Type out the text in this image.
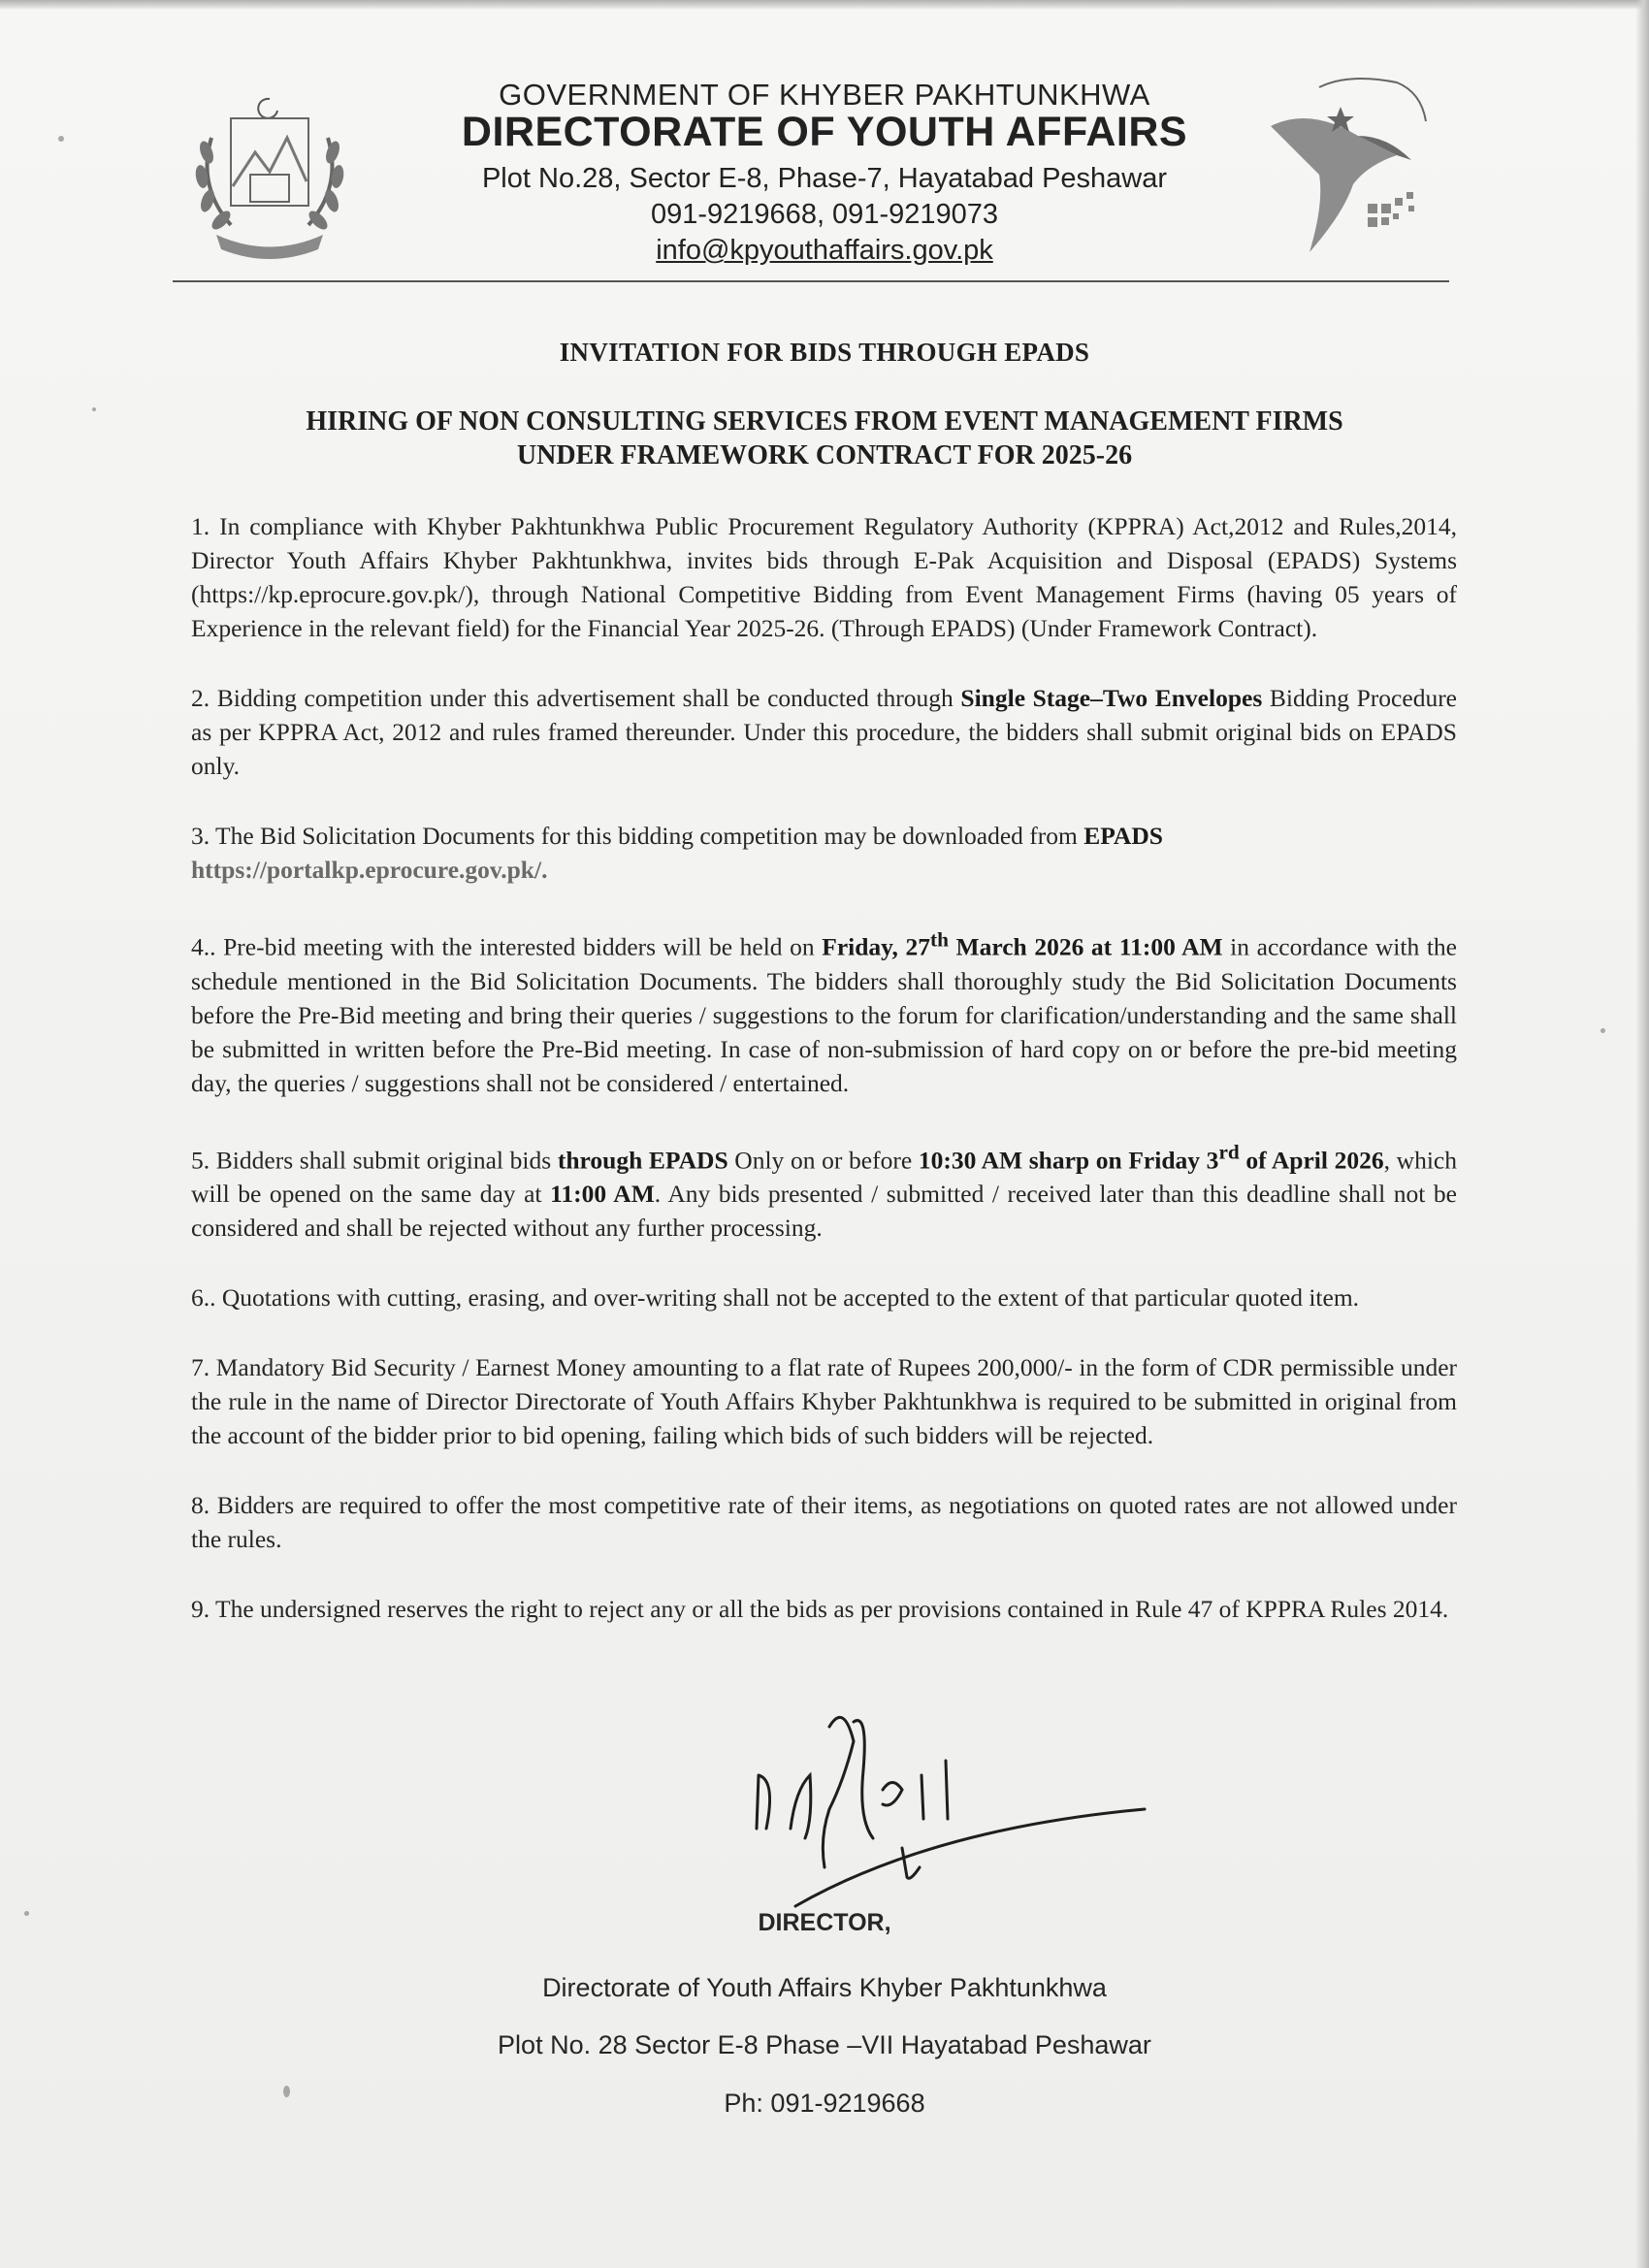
GOVERNMENT OF KHYBER PAKHTUNKHWA
DIRECTORATE OF YOUTH AFFAIRS
Plot No.28, Sector E-8, Phase-7, Hayatabad Peshawar
091-9219668, 091-9219073
info@kpyouthaffairs.gov.pk
INVITATION FOR BIDS THROUGH EPADS
HIRING OF NON CONSULTING SERVICES FROM EVENT MANAGEMENT FIRMS
UNDER FRAMEWORK CONTRACT FOR 2025-26

1. In compliance with Khyber Pakhtunkhwa Public Procurement Regulatory Authority (KPPRA) Act,2012 and Rules,2014, Director Youth Affairs Khyber Pakhtunkhwa, invites bids through E-Pak Acquisition and Disposal (EPADS) Systems (https://kp.eprocure.gov.pk/), through National Competitive Bidding from Event Management Firms (having 05 years of Experience in the relevant field) for the Financial Year 2025-26. (Through EPADS) (Under Framework Contract).

2. Bidding competition under this advertisement shall be conducted through Single Stage–Two Envelopes Bidding Procedure as per KPPRA Act, 2012 and rules framed thereunder. Under this procedure, the bidders shall submit original bids on EPADS only.

3. The Bid Solicitation Documents for this bidding competition may be downloaded from EPADS
https://portalkp.eprocure.gov.pk/.

4.. Pre-bid meeting with the interested bidders will be held on Friday, 27th March 2026 at 11:00 AM in accordance with the schedule mentioned in the Bid Solicitation Documents. The bidders shall thoroughly study the Bid Solicitation Documents before the Pre-Bid meeting and bring their queries / suggestions to the forum for clarification/understanding and the same shall be submitted in written before the Pre-Bid meeting. In case of non-submission of hard copy on or before the pre-bid meeting day, the queries / suggestions shall not be considered / entertained.

5. Bidders shall submit original bids through EPADS Only on or before 10:30 AM sharp on Friday 3rd of April 2026, which will be opened on the same day at 11:00 AM. Any bids presented / submitted / received later than this deadline shall not be considered and shall be rejected without any further processing.

6.. Quotations with cutting, erasing, and over-writing shall not be accepted to the extent of that particular quoted item.

7. Mandatory Bid Security / Earnest Money amounting to a flat rate of Rupees 200,000/- in the form of CDR permissible under the rule in the name of Director Directorate of Youth Affairs Khyber Pakhtunkhwa is required to be submitted in original from the account of the bidder prior to bid opening, failing which bids of such bidders will be rejected.

8. Bidders are required to offer the most competitive rate of their items, as negotiations on quoted rates are not allowed under the rules.

9. The undersigned reserves the right to reject any or all the bids as per provisions contained in Rule 47 of KPPRA Rules 2014.

DIRECTOR,
Directorate of Youth Affairs Khyber Pakhtunkhwa
Plot No. 28 Sector E-8 Phase –VII Hayatabad Peshawar
Ph: 091-9219668
